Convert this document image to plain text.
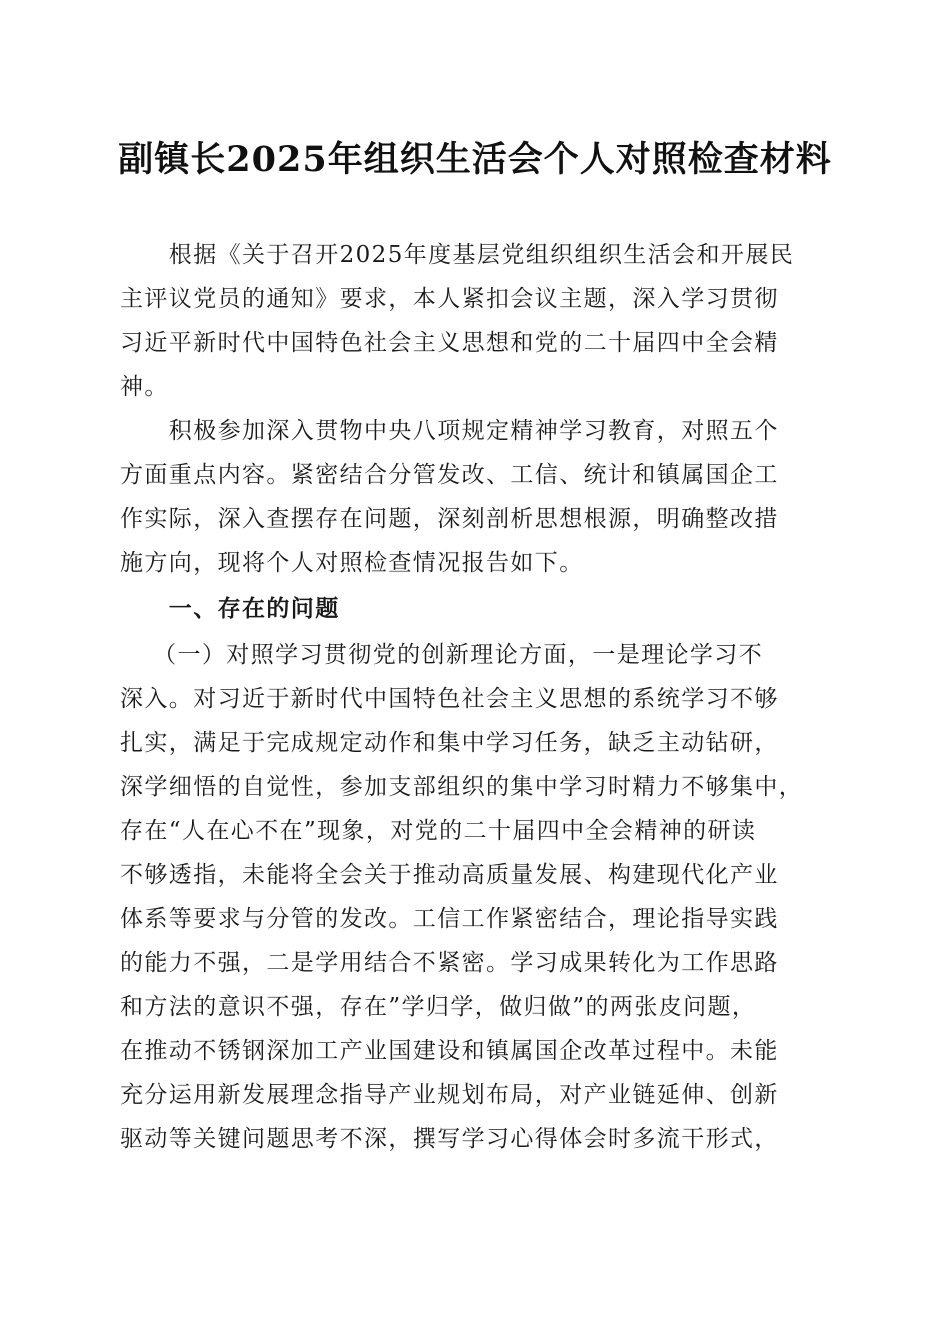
副镇长2025年组织生活会个人对照检查材料
　　根据《关于召开2025年度基层党组织组织生活会和开展民
主评议党员的通知》要求，本人紧扣会议主题，深入学习贯彻
习近平新时代中国特色社会主义思想和党的二十届四中全会精
神。
　　积极参加深入贯物中央八项规定精神学习教育，对照五个
方面重点内容。紧密结合分管发改、工信、统计和镇属国企工
作实际，深入查摆存在问题，深刻剖析思想根源，明确整改措
施方向，现将个人对照检查情况报告如下。
　　一、存在的问题
　 （一）对照学习贯彻党的创新理论方面，一是理论学习不
深入。对习近于新时代中国特色社会主义思想的系统学习不够
扎实，满足于完成规定动作和集中学习任务，缺乏主动钻研，
深学细悟的自觉性，参加支部组织的集中学习时精力不够集中，
存在“人在心不在”现象，对党的二十届四中全会精神的研读
不够透指，未能将全会关于推动高质量发展、构建现代化产业
体系等要求与分管的发改。工信工作紧密结合，理论指导实践
的能力不强，二是学用结合不紧密。学习成果转化为工作思路
和方法的意识不强，存在”学归学，做归做”的两张皮问题，
在推动不锈钢深加工产业国建设和镇属国企改革过程中。未能
充分运用新发展理念指导产业规划布局，对产业链延伸、创新
驱动等关键问题思考不深，撰写学习心得体会时多流干形式，
